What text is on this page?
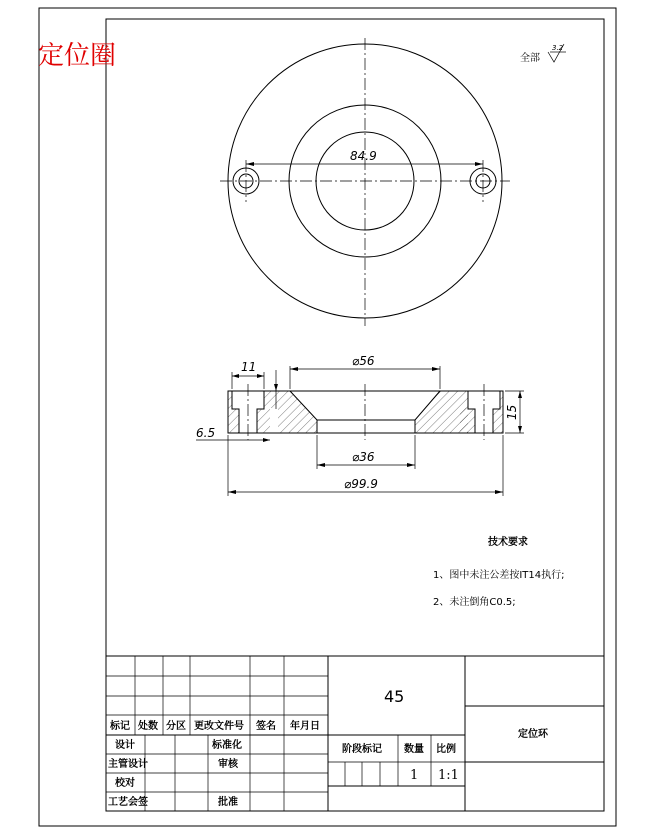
定位圈	全部
3.2
84.9
⌀56
11
6.5
15
⌀36
⌀99.9
技术要求
1、图中未注公差按IT14执行;
2、未注倒角C0.5;
标记 处数 分区 更改文件号 签名 年月日
设计
主管设计
校对
工艺会签
标准化
审核
批准
45
阶段标记 数量 比例
1 1:1
定位环
